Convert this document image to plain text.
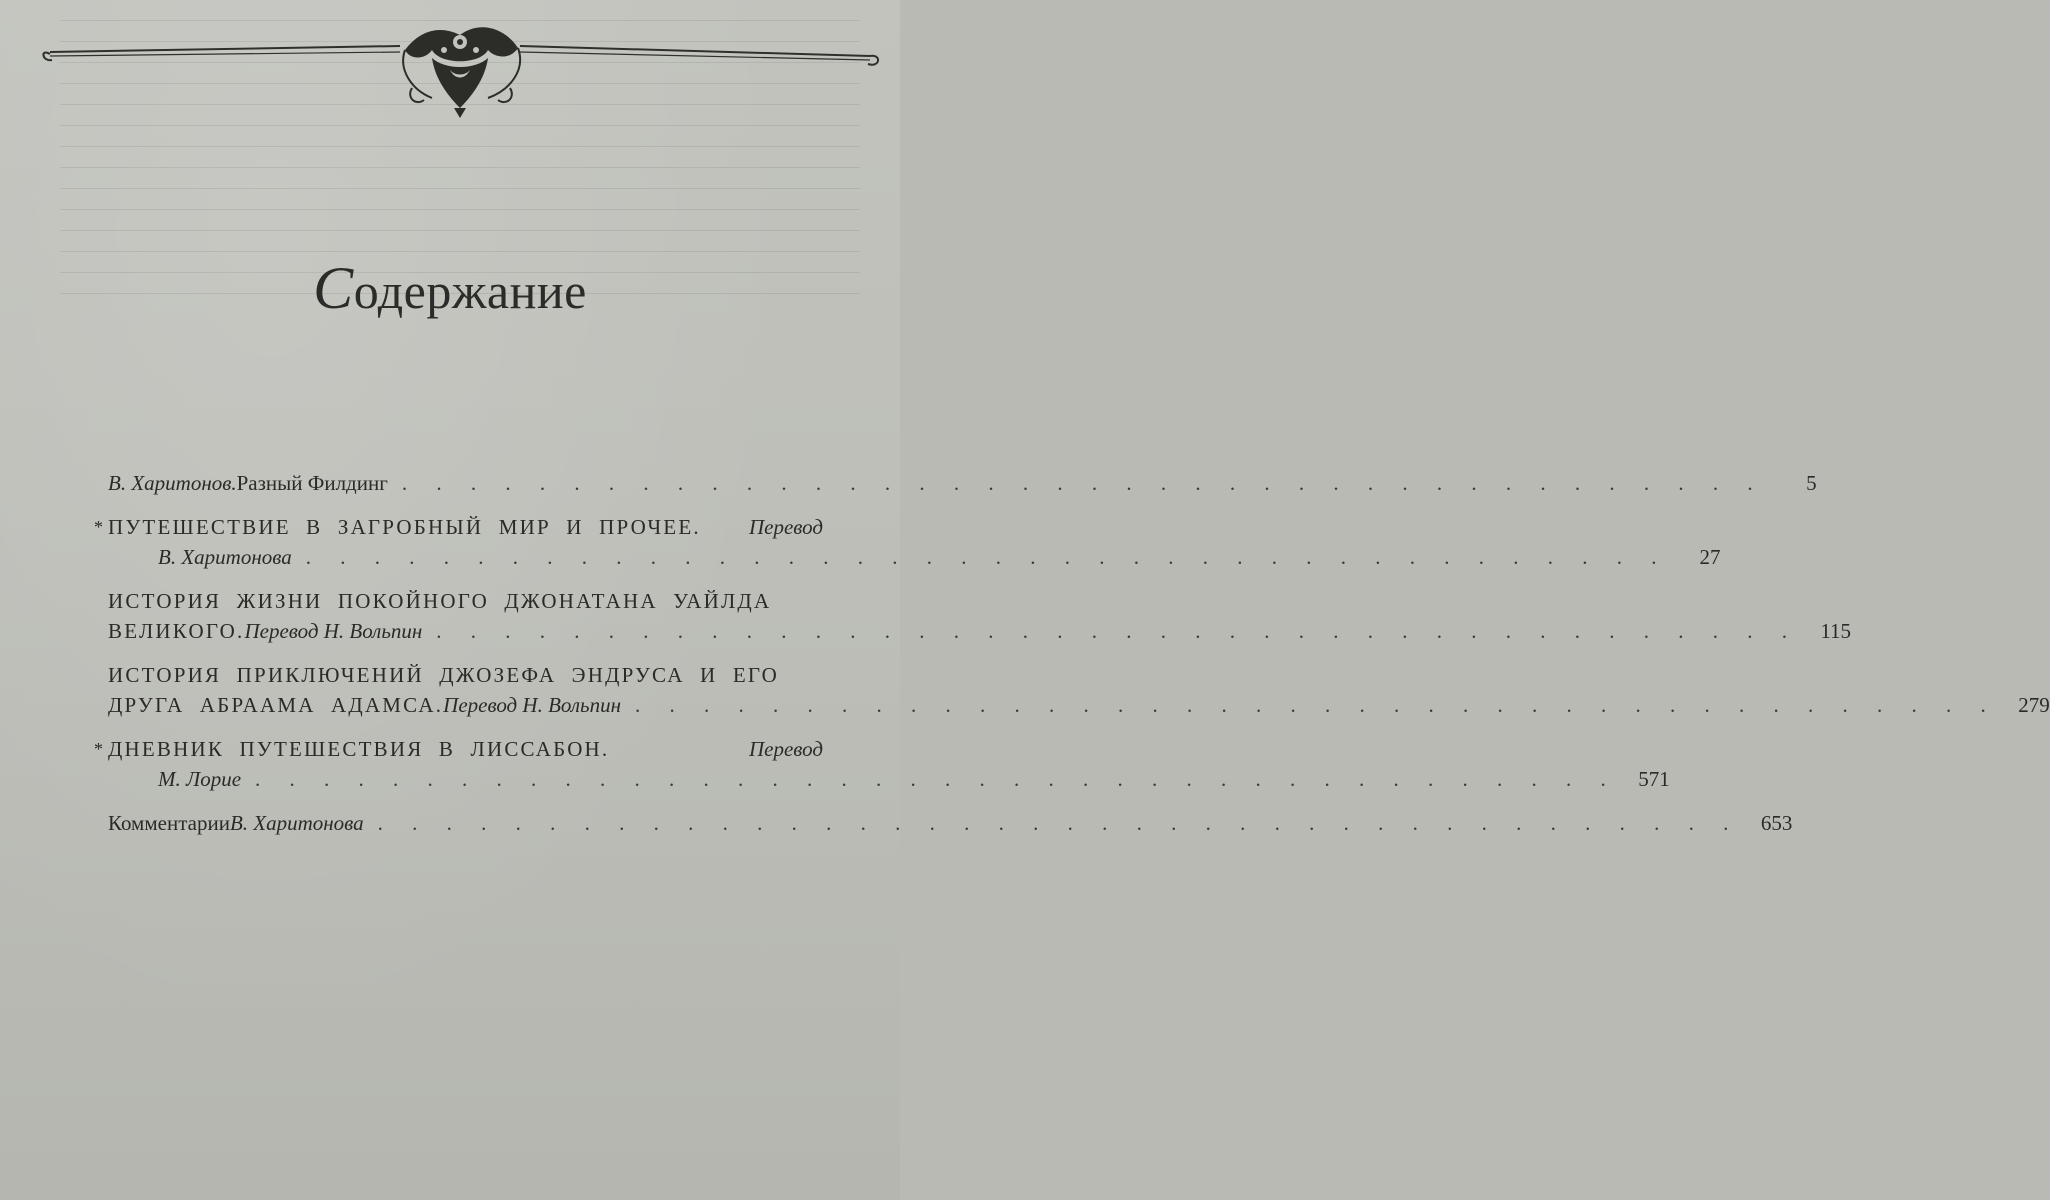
Содержание
В. Харитонов. Разный Филдинг . . . . . . . . . . . . . . . . . . . . . . . . . . . . . . . . . . . . . . . .	5
* ПУТЕШЕСТВИЕ В ЗАГРОБНЫЙ МИР И ПРОЧЕЕ. Перевод
В. Харитонова . . . . . . . . . . . . . . . . . . . . . . . . . . . . . . . . . . . . . . . .	27
ИСТОРИЯ ЖИЗНИ ПОКОЙНОГО ДЖОНАТАНА УАЙЛДА
ВЕЛИКОГО. Перевод Н. Вольпин . . . . . . . . . . . . . . . . . . . . . . . . . . . . . . . . . . . . . . . .	115
ИСТОРИЯ ПРИКЛЮЧЕНИЙ ДЖОЗЕФА ЭНДРУСА И ЕГО
ДРУГА АБРААМА АДАМСА. Перевод Н. Вольпин . . . . . . . . . . . . . . . . . . . . . . . . . . . . . . . . . . . . . . . . 279
* ДНЕВНИК ПУТЕШЕСТВИЯ В ЛИССАБОН.	Перевод
М. Лорие . . . . . . . . . . . . . . . . . . . . . . . . . . . . . . . . . . . . . . . . 571
Комментарии В. Харитонова . . . . . . . . . . . . . . . . . . . . . . . . . . . . . . . . . . . . . . . . 653
